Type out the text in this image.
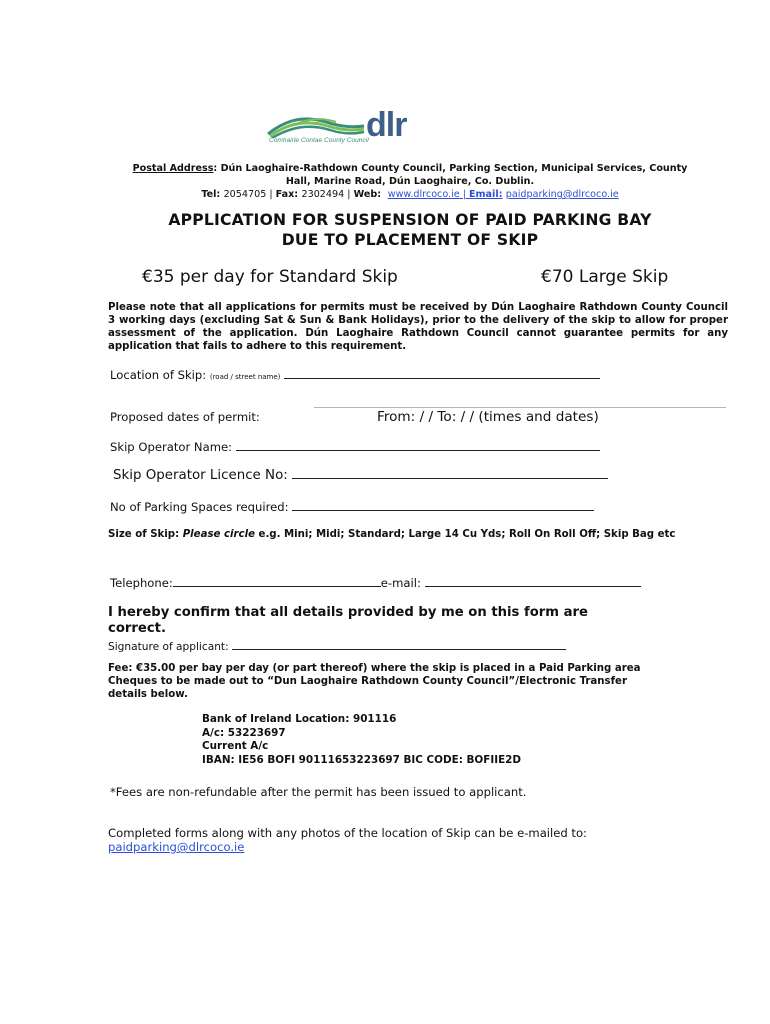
dlr
Comhairle Contae County Council
Postal Address: Dún Laoghaire-Rathdown County Council, Parking Section, Municipal Services, County
Hall, Marine Road, Dún Laoghaire, Co. Dublin.
Tel: 2054705 | Fax: 2302494 | Web: www.dlrcoco.ie | Email: paidparking@dlrcoco.ie
APPLICATION FOR SUSPENSION OF PAID PARKING BAY
DUE TO PLACEMENT OF SKIP
€35 per day for Standard Skip	€70 Large Skip
Please note that all applications for permits must be received by Dún Laoghaire Rathdown County Council 3 working days (excluding Sat & Sun & Bank Holidays), prior to the delivery of the skip to allow for proper assessment of the application. Dún Laoghaire Rathdown Council cannot guarantee permits for any application that fails to adhere to this requirement.
Location of Skip: (road / street name)
Proposed dates of permit:	From: / / To: / / (times and dates)
Skip Operator Name:
Skip Operator Licence No:
No of Parking Spaces required:
Size of Skip: Please circle e.g. Mini; Midi; Standard; Large 14 Cu Yds; Roll On Roll Off; Skip Bag etc
Telephone:	e-mail:
I hereby confirm that all details provided by me on this form are correct.
Signature of applicant:
Fee: €35.00 per bay per day (or part thereof) where the skip is placed in a Paid Parking area
Cheques to be made out to “Dun Laoghaire Rathdown County Council”/Electronic Transfer
details below.
Bank of Ireland Location: 901116
A/c: 53223697
Current A/c
IBAN: IE56 BOFI 90111653223697 BIC CODE: BOFIIE2D
*Fees are non-refundable after the permit has been issued to applicant.
Completed forms along with any photos of the location of Skip can be e-mailed to:
paidparking@dlrcoco.ie
